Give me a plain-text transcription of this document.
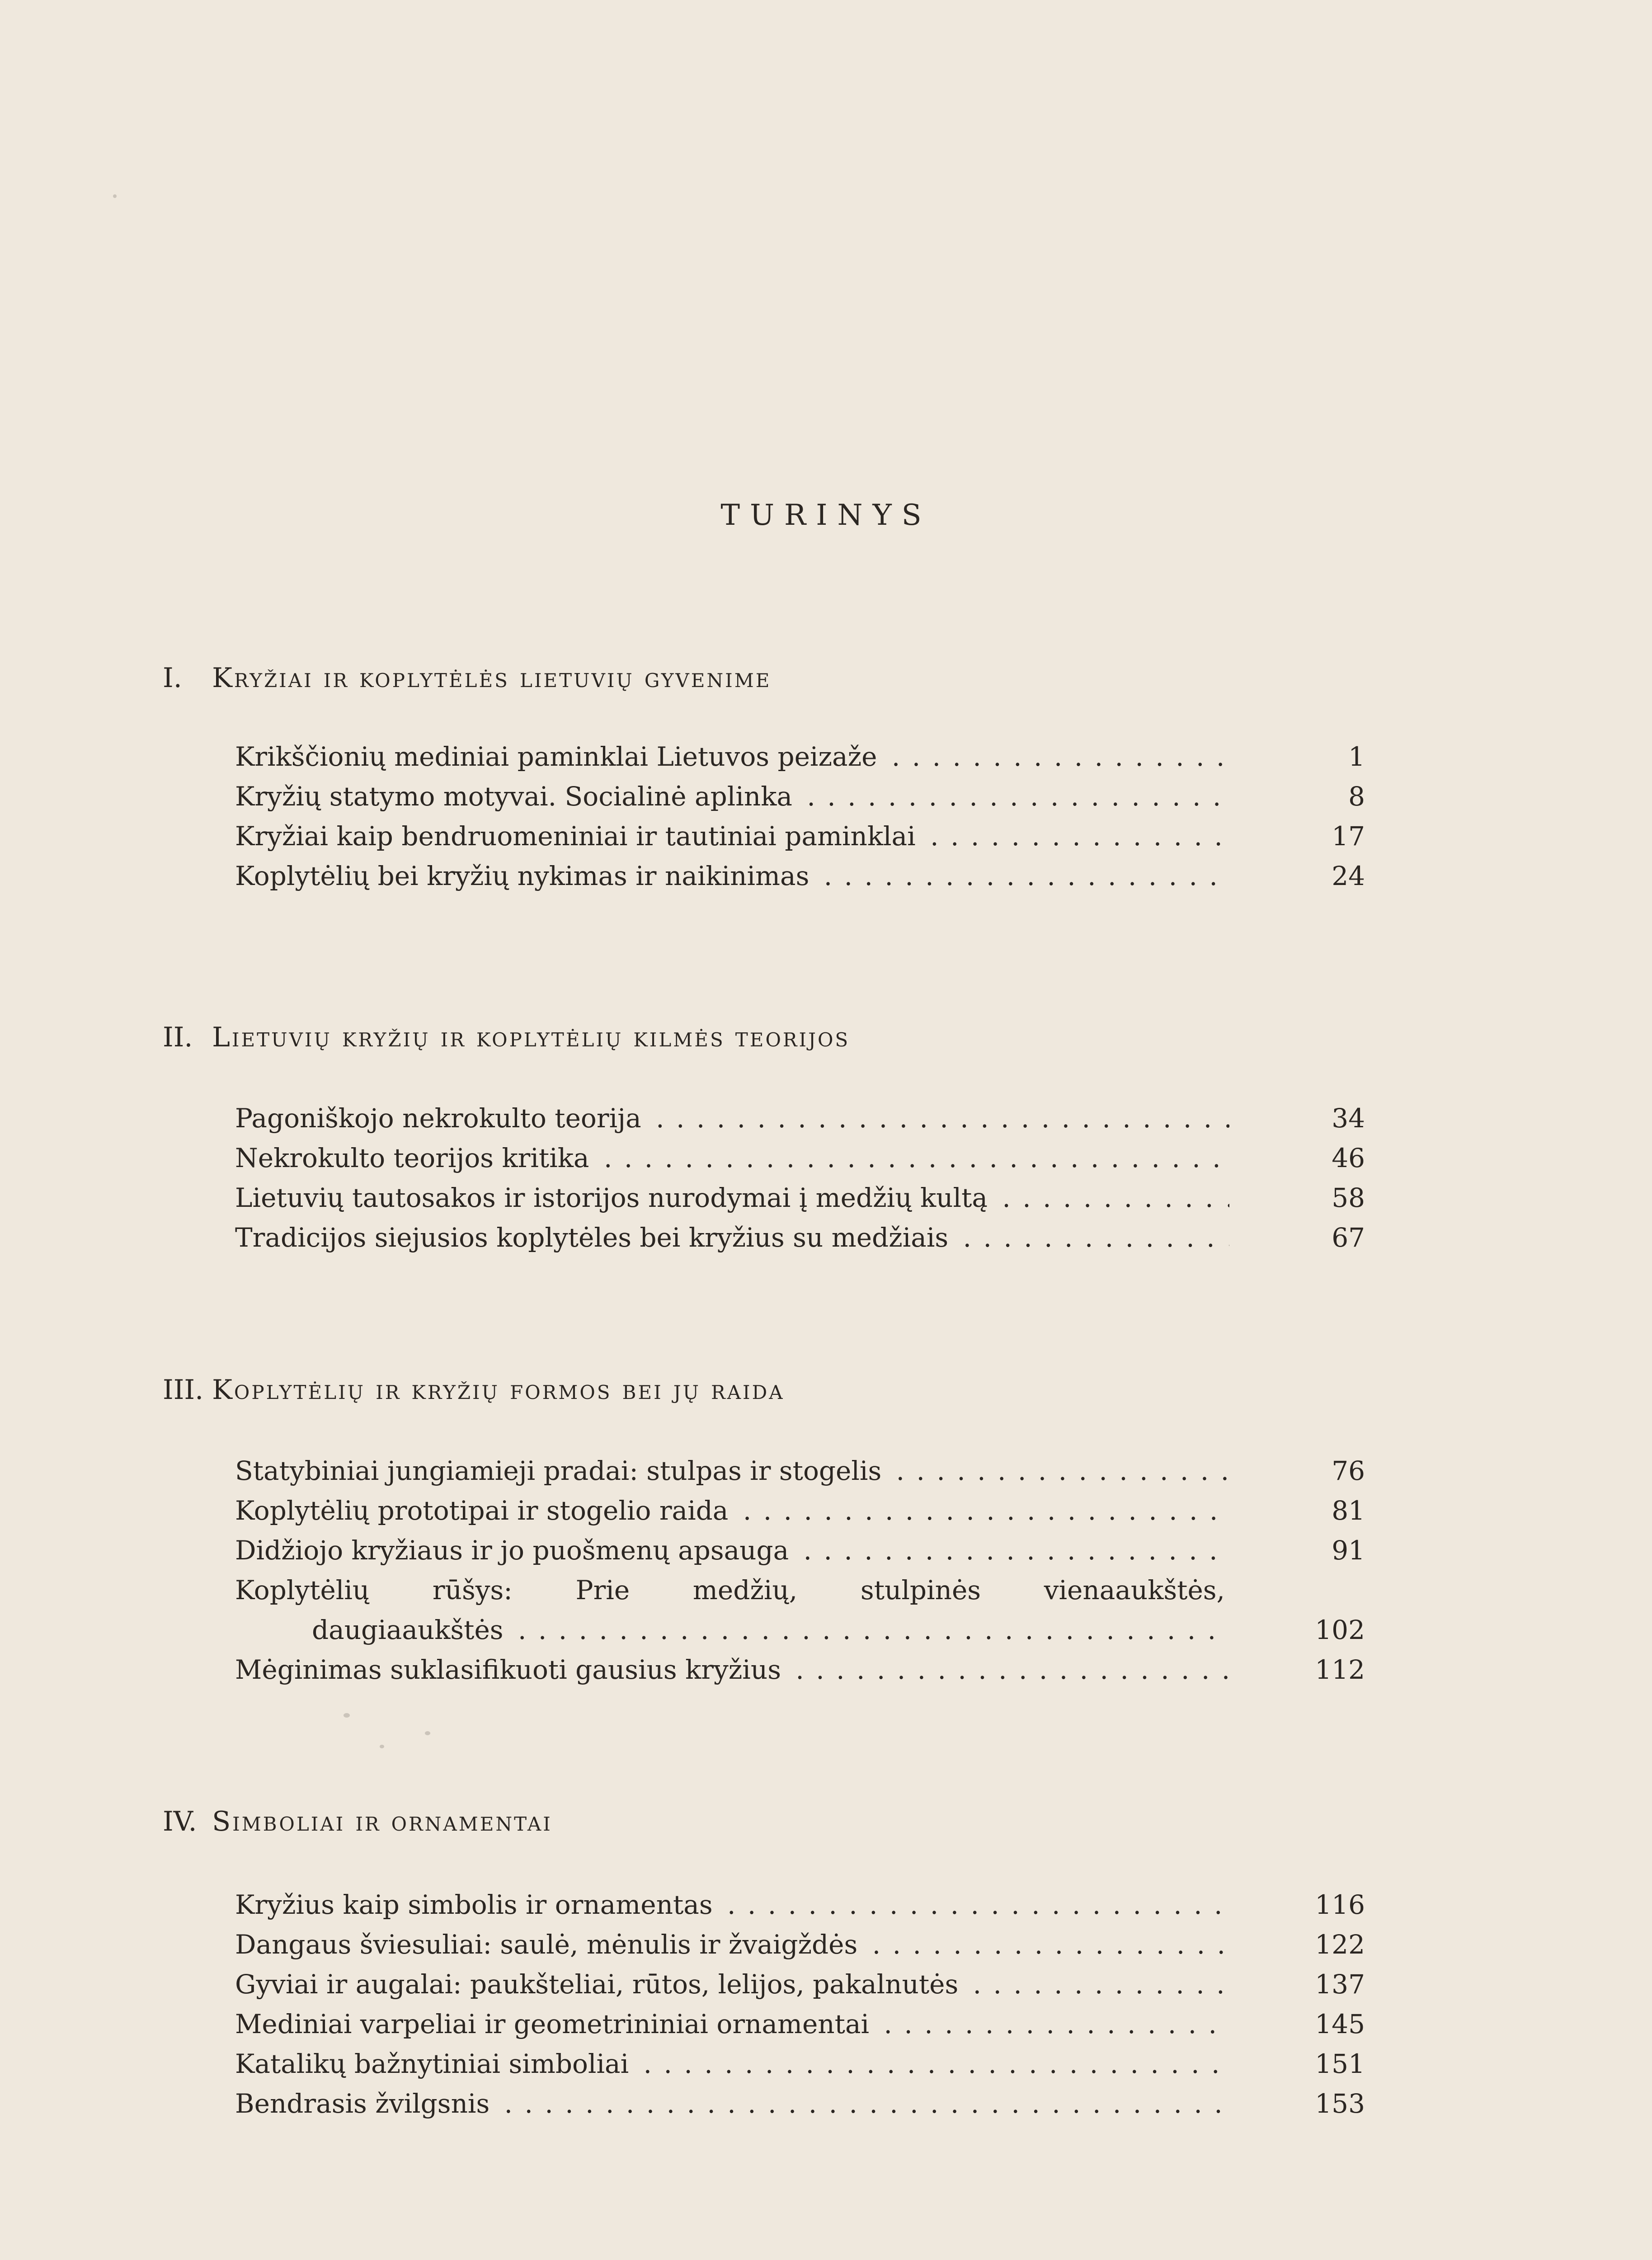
TURINYS
I. Kryžiai ir koplytėlės lietuvių gyvenime
Krikščionių mediniai paminklai Lietuvos peizaže . . .	1
Kryžių statymo motyvai. Socialinė aplinka . . .	8
Kryžiai kaip bendruomeniniai ir tautiniai paminklai . . .	17
Koplytėlių bei kryžių nykimas ir naikinimas . . .	24
II. Lietuvių kryžių ir koplytėlių kilmės teorijos
Pagoniškojo nekrokulto teorija . . .	34
Nekrokulto teorijos kritika . . .	46
Lietuvių tautosakos ir istorijos nurodymai į medžių kultą . . .	58
Tradicijos siejusios koplytėles bei kryžius su medžiais . . .	67
III. Koplytėlių ir kryžių formos bei jų raida
Statybiniai jungiamieji pradai: stulpas ir stogelis . . .	76
Koplytėlių prototipai ir stogelio raida . . .	81
Didžiojo kryžiaus ir jo puošmenų apsauga . . .	91
Koplytėlių rūšys: Prie medžių, stulpinės vienaaukštės,
daugiaaukštės . . .	102
Mėginimas suklasifikuoti gausius kryžius . . .	112
IV. Simboliai ir ornamentai
Kryžius kaip simbolis ir ornamentas . . .	116
Dangaus šviesuliai: saulė, mėnulis ir žvaigždės . . .	122
Gyviai ir augalai: paukšteliai, rūtos, lelijos, pakalnutės . . .	137
Mediniai varpeliai ir geometrininiai ornamentai . . .	145
Katalikų bažnytiniai simboliai . . .	151
Bendrasis žvilgsnis . . .	153
